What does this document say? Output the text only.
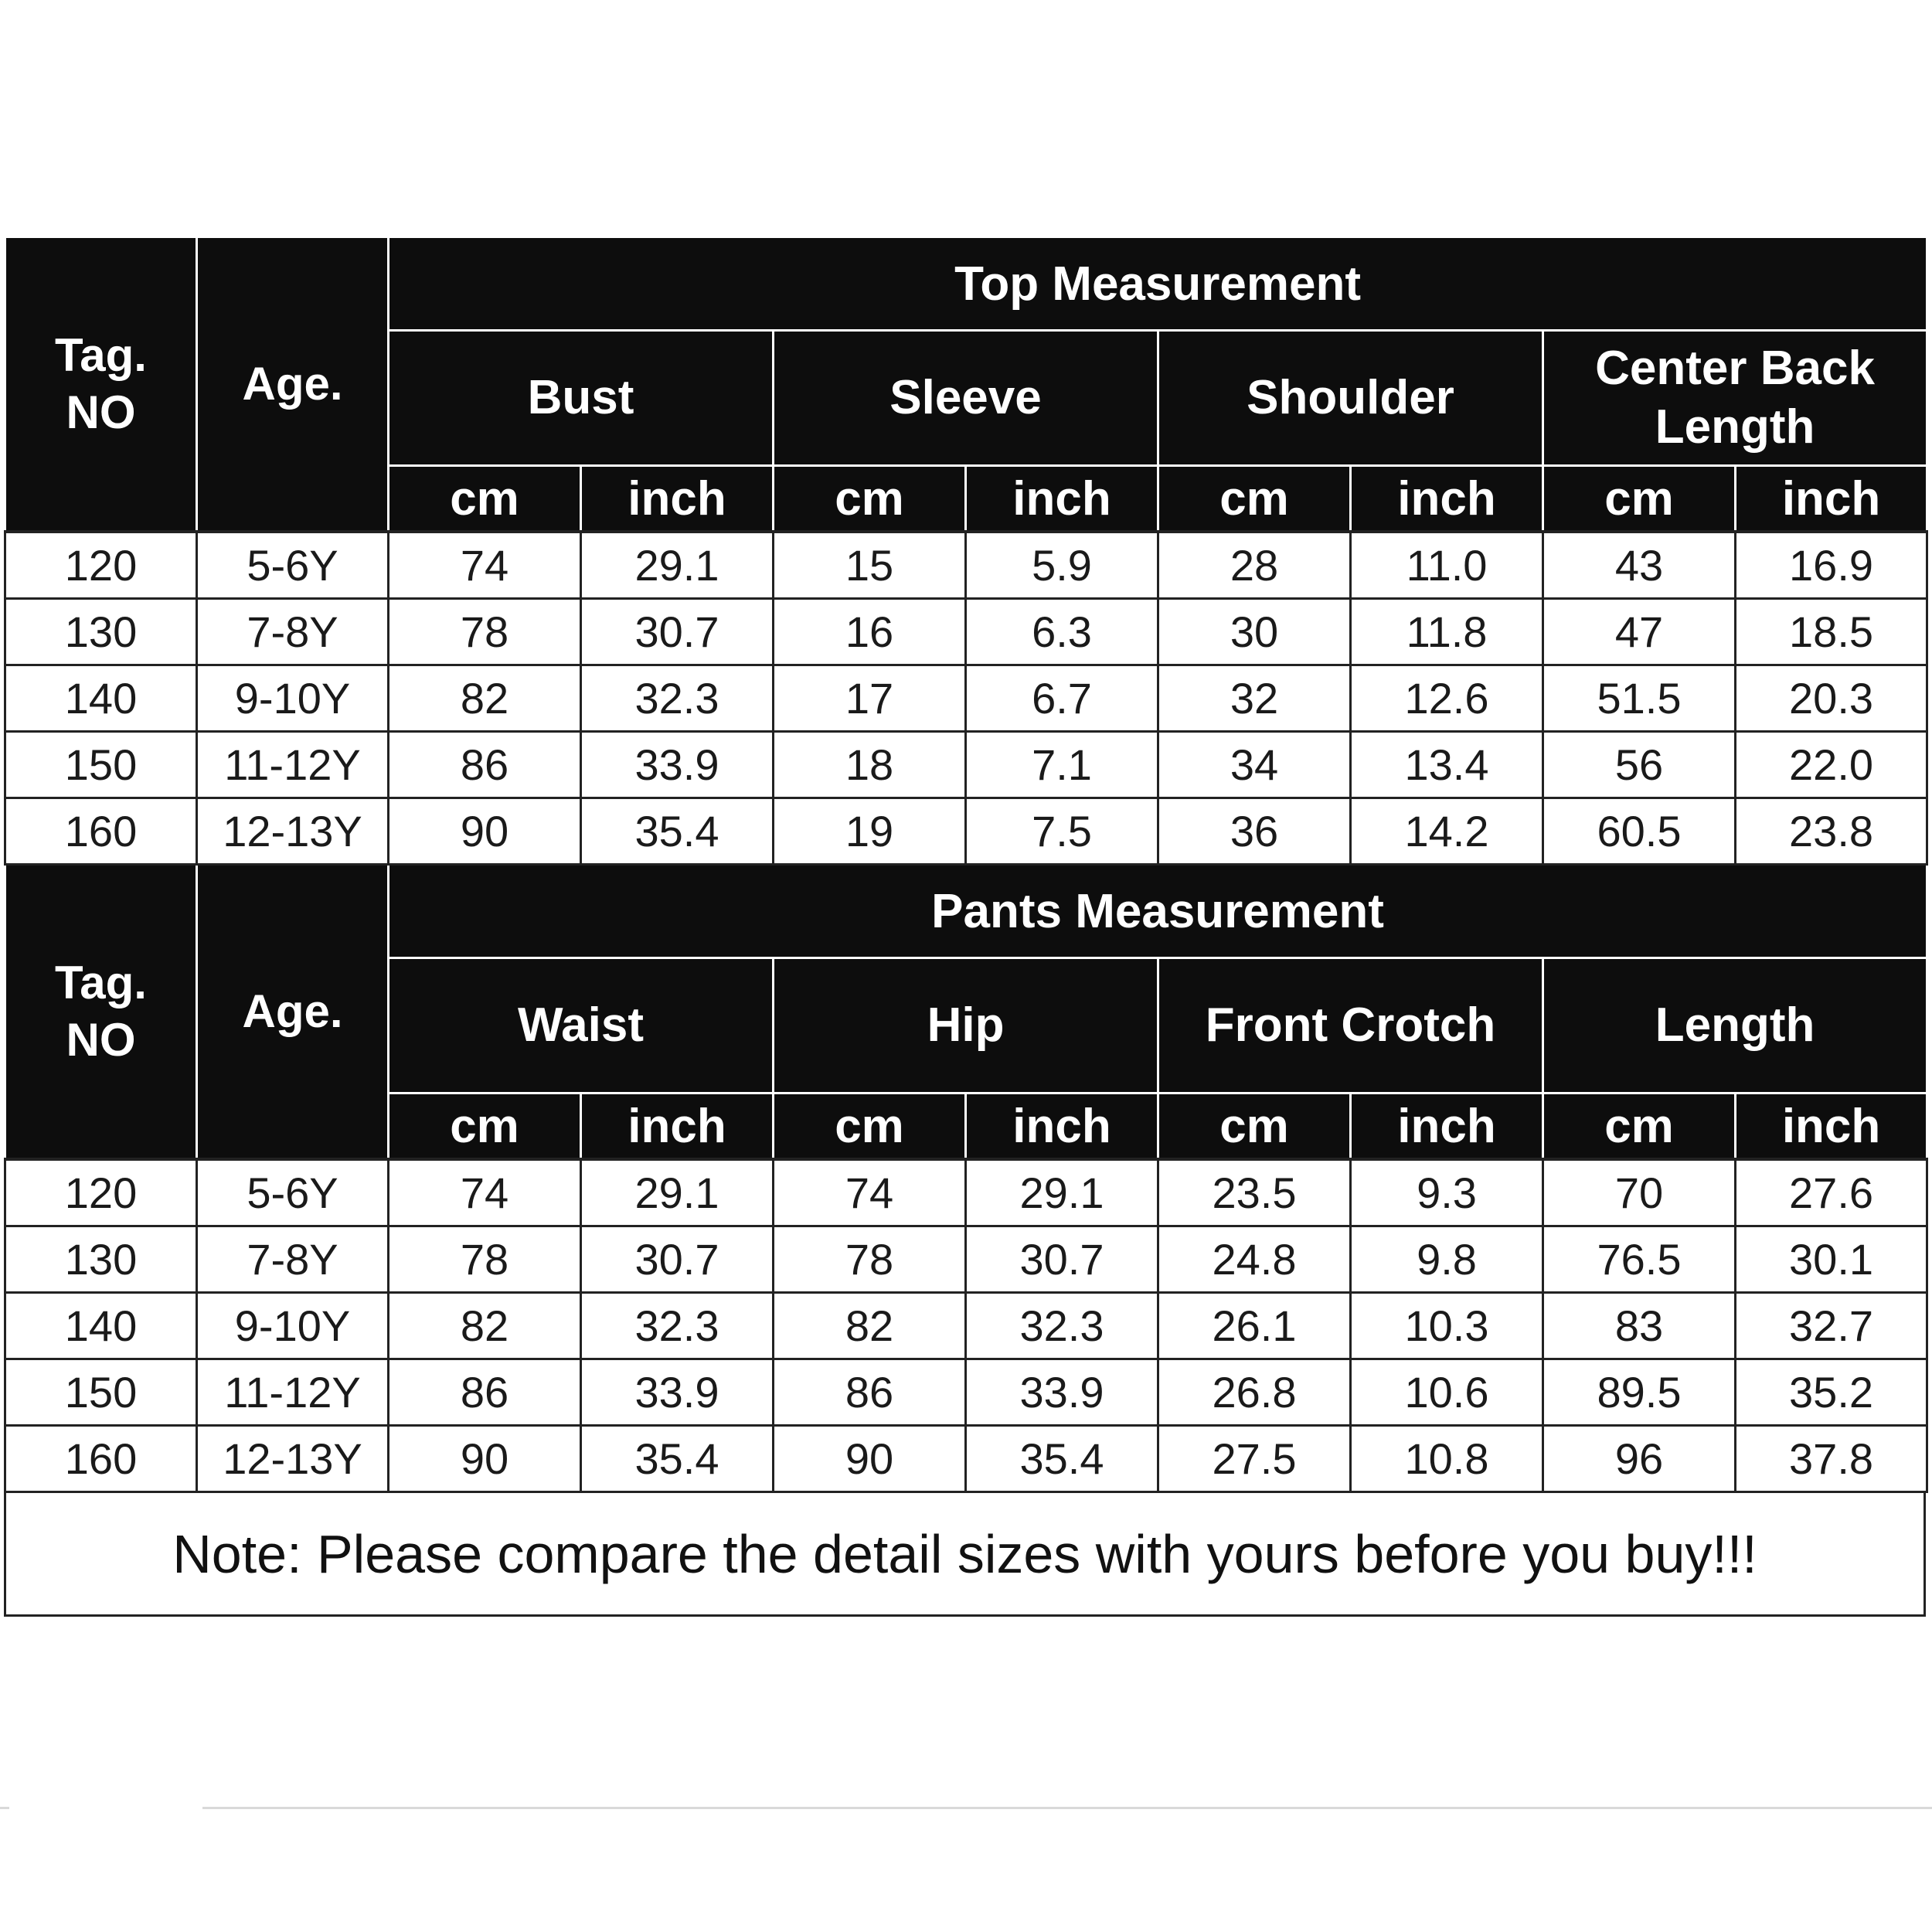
Tag.
NO	Age.	Top Measurement							
		Bust		Sleeve		Shoulder		Center Back
Length	

		cm	inch	cm	inch	cm	inch	cm	inch
120	5-6Y	74	29.1	15	5.9	28	11.0	43	16.9
130	7-8Y	78	30.7	16	6.3	30	11.8	47	18.5
140	9-10Y	82	32.3	17	6.7	32	12.6	51.5	20.3
150	11-12Y	86	33.9	18	7.1	34	13.4	56	22.0
160	12-13Y	90	35.4	19	7.5	36	14.2	60.5	23.8

Tag.
NO	Age.	Pants Measurement							
		Waist		Hip		Front Crotch		Length	
		cm	inch	cm	inch	cm	inch	cm	inch
120	5-6Y	74	29.1	74	29.1	23.5	9.3	70	27.6
130	7-8Y	78	30.7	78	30.7	24.8	9.8	76.5	30.1
140	9-10Y	82	32.3	82	32.3	26.1	10.3	83	32.7
150	11-12Y	86	33.9	86	33.9	26.8	10.6	89.5	35.2
160	12-13Y	90	35.4	90	35.4	27.5	10.8	96	37.8
Note: Please compare the detail sizes with yours before you buy!!!
